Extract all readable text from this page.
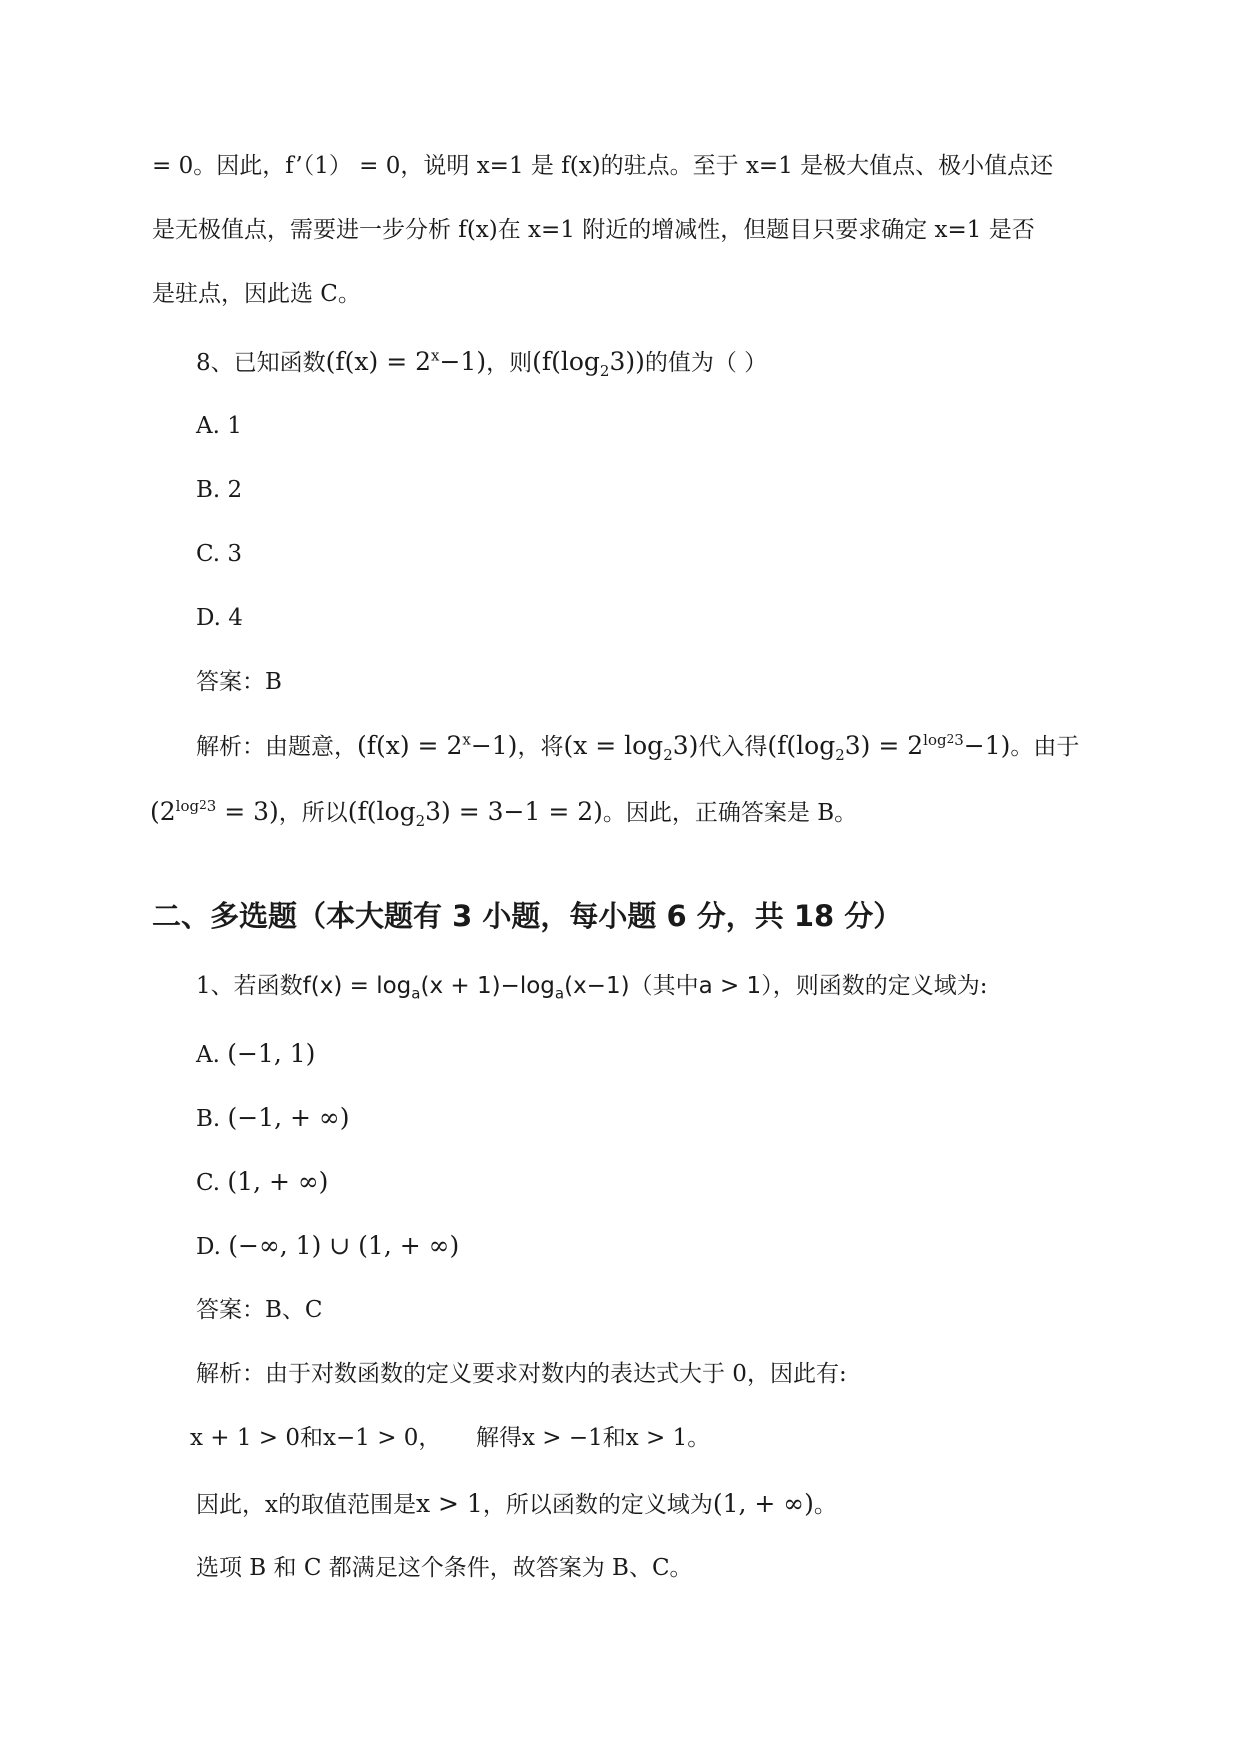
= 0。因此，f’（1） = 0，说明 x=1 是 f(x)的驻点。至于 x=1 是极大值点、极小值点还
是无极值点，需要进一步分析 f(x)在 x=1 附近的增减性，但题目只要求确定 x=1 是否
是驻点，因此选 C。
8、已知函数$(f(x) = 2^x-1)$，则$(f(\log_23))$的值为（ ）
A. 1
B. 2
C. 3
D. 4
答案：B
解析：由题意，$(f(x) = 2^x-1)$，将$(x = \log_23)$代入得$(f(\log_23) = 2^{log23}-1)$。由于
$(2^{log23} = 3)$，所以$(f(\log_23) = 3-1 = 2)$。因此，正确答案是 B。
二、多选题（本大题有 3 小题，每小题 6 分，共 18 分）
1、若函数$f(x) = \log_a(x + 1)-\log_a(x-1)$（其中a > 1），则函数的定义域为:
A. (−1, 1)
B. (−1, + ∞)
C. (1, + ∞)
D. (−∞, 1) ∪ (1, + ∞)
答案：B、C
解析：由于对数函数的定义要求对数内的表达式大于 0，因此有:
x + 1 > 0和x−1 > 0， 解得x > −1和x > 1。
因此，x的取值范围是x > 1，所以函数的定义域为(1, + ∞)。
选项 B 和 C 都满足这个条件，故答案为 B、C。
